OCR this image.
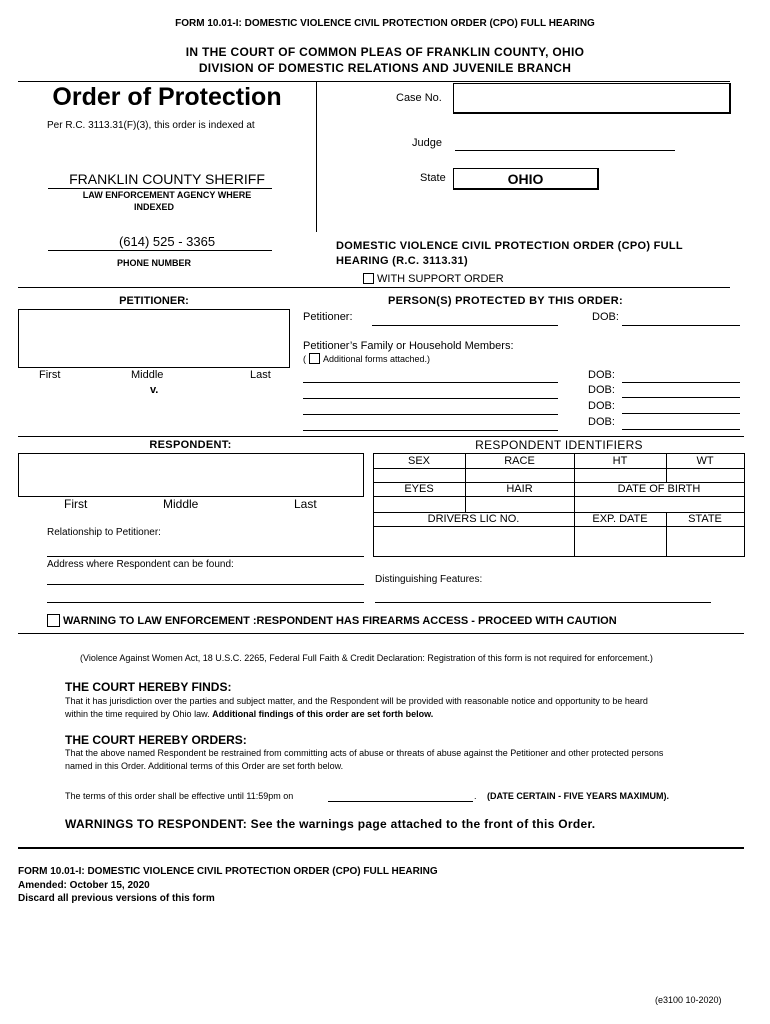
FORM 10.01-I: DOMESTIC VIOLENCE CIVIL PROTECTION ORDER (CPO) FULL HEARING
IN THE COURT OF COMMON PLEAS OF FRANKLIN COUNTY, OHIO
DIVISION OF DOMESTIC RELATIONS AND JUVENILE BRANCH
Order of Protection
Per R.C. 3113.31(F)(3), this order is indexed at
FRANKLIN COUNTY SHERIFF
LAW ENFORCEMENT AGENCY WHERE
INDEXED
(614) 525 - 3365
PHONE NUMBER
Case No.
Judge
State	OHIO
DOMESTIC VIOLENCE CIVIL PROTECTION ORDER (CPO) FULL
HEARING (R.C. 3113.31)
WITH SUPPORT ORDER
PETITIONER:
First	Middle	Last
v.
PERSON(S) PROTECTED BY THIS ORDER:
Petitioner:	DOB:
Petitioner’s Family or Household Members:
( Additional forms attached.)
DOB:
DOB:
DOB:
DOB:
RESPONDENT:
First	Middle	Last
Relationship to Petitioner:
Address where Respondent can be found:
RESPONDENT IDENTIFIERS
SEX	RACE	HT	WT
EYES	HAIR	DATE OF BIRTH
DRIVERS LIC NO.	EXP. DATE	STATE
Distinguishing Features:
WARNING TO LAW ENFORCEMENT :RESPONDENT HAS FIREARMS ACCESS - PROCEED WITH CAUTION
(Violence Against Women Act, 18 U.S.C. 2265, Federal Full Faith & Credit Declaration: Registration of this form is not required for enforcement.)
THE COURT HEREBY FINDS:
That it has jurisdiction over the parties and subject matter, and the Respondent will be provided with reasonable notice and opportunity to be heard
within the time required by Ohio law. Additional findings of this order are set forth below.
THE COURT HEREBY ORDERS:
That the above named Respondent be restrained from committing acts of abuse or threats of abuse against the Petitioner and other protected persons
named in this Order. Additional terms of this Order are set forth below.
The terms of this order shall be effective until 11:59pm on	. (DATE CERTAIN - FIVE YEARS MAXIMUM).
WARNINGS TO RESPONDENT: See the warnings page attached to the front of this Order.
FORM 10.01-I: DOMESTIC VIOLENCE CIVIL PROTECTION ORDER (CPO) FULL HEARING
Amended: October 15, 2020
Discard all previous versions of this form
(e3100 10-2020)
